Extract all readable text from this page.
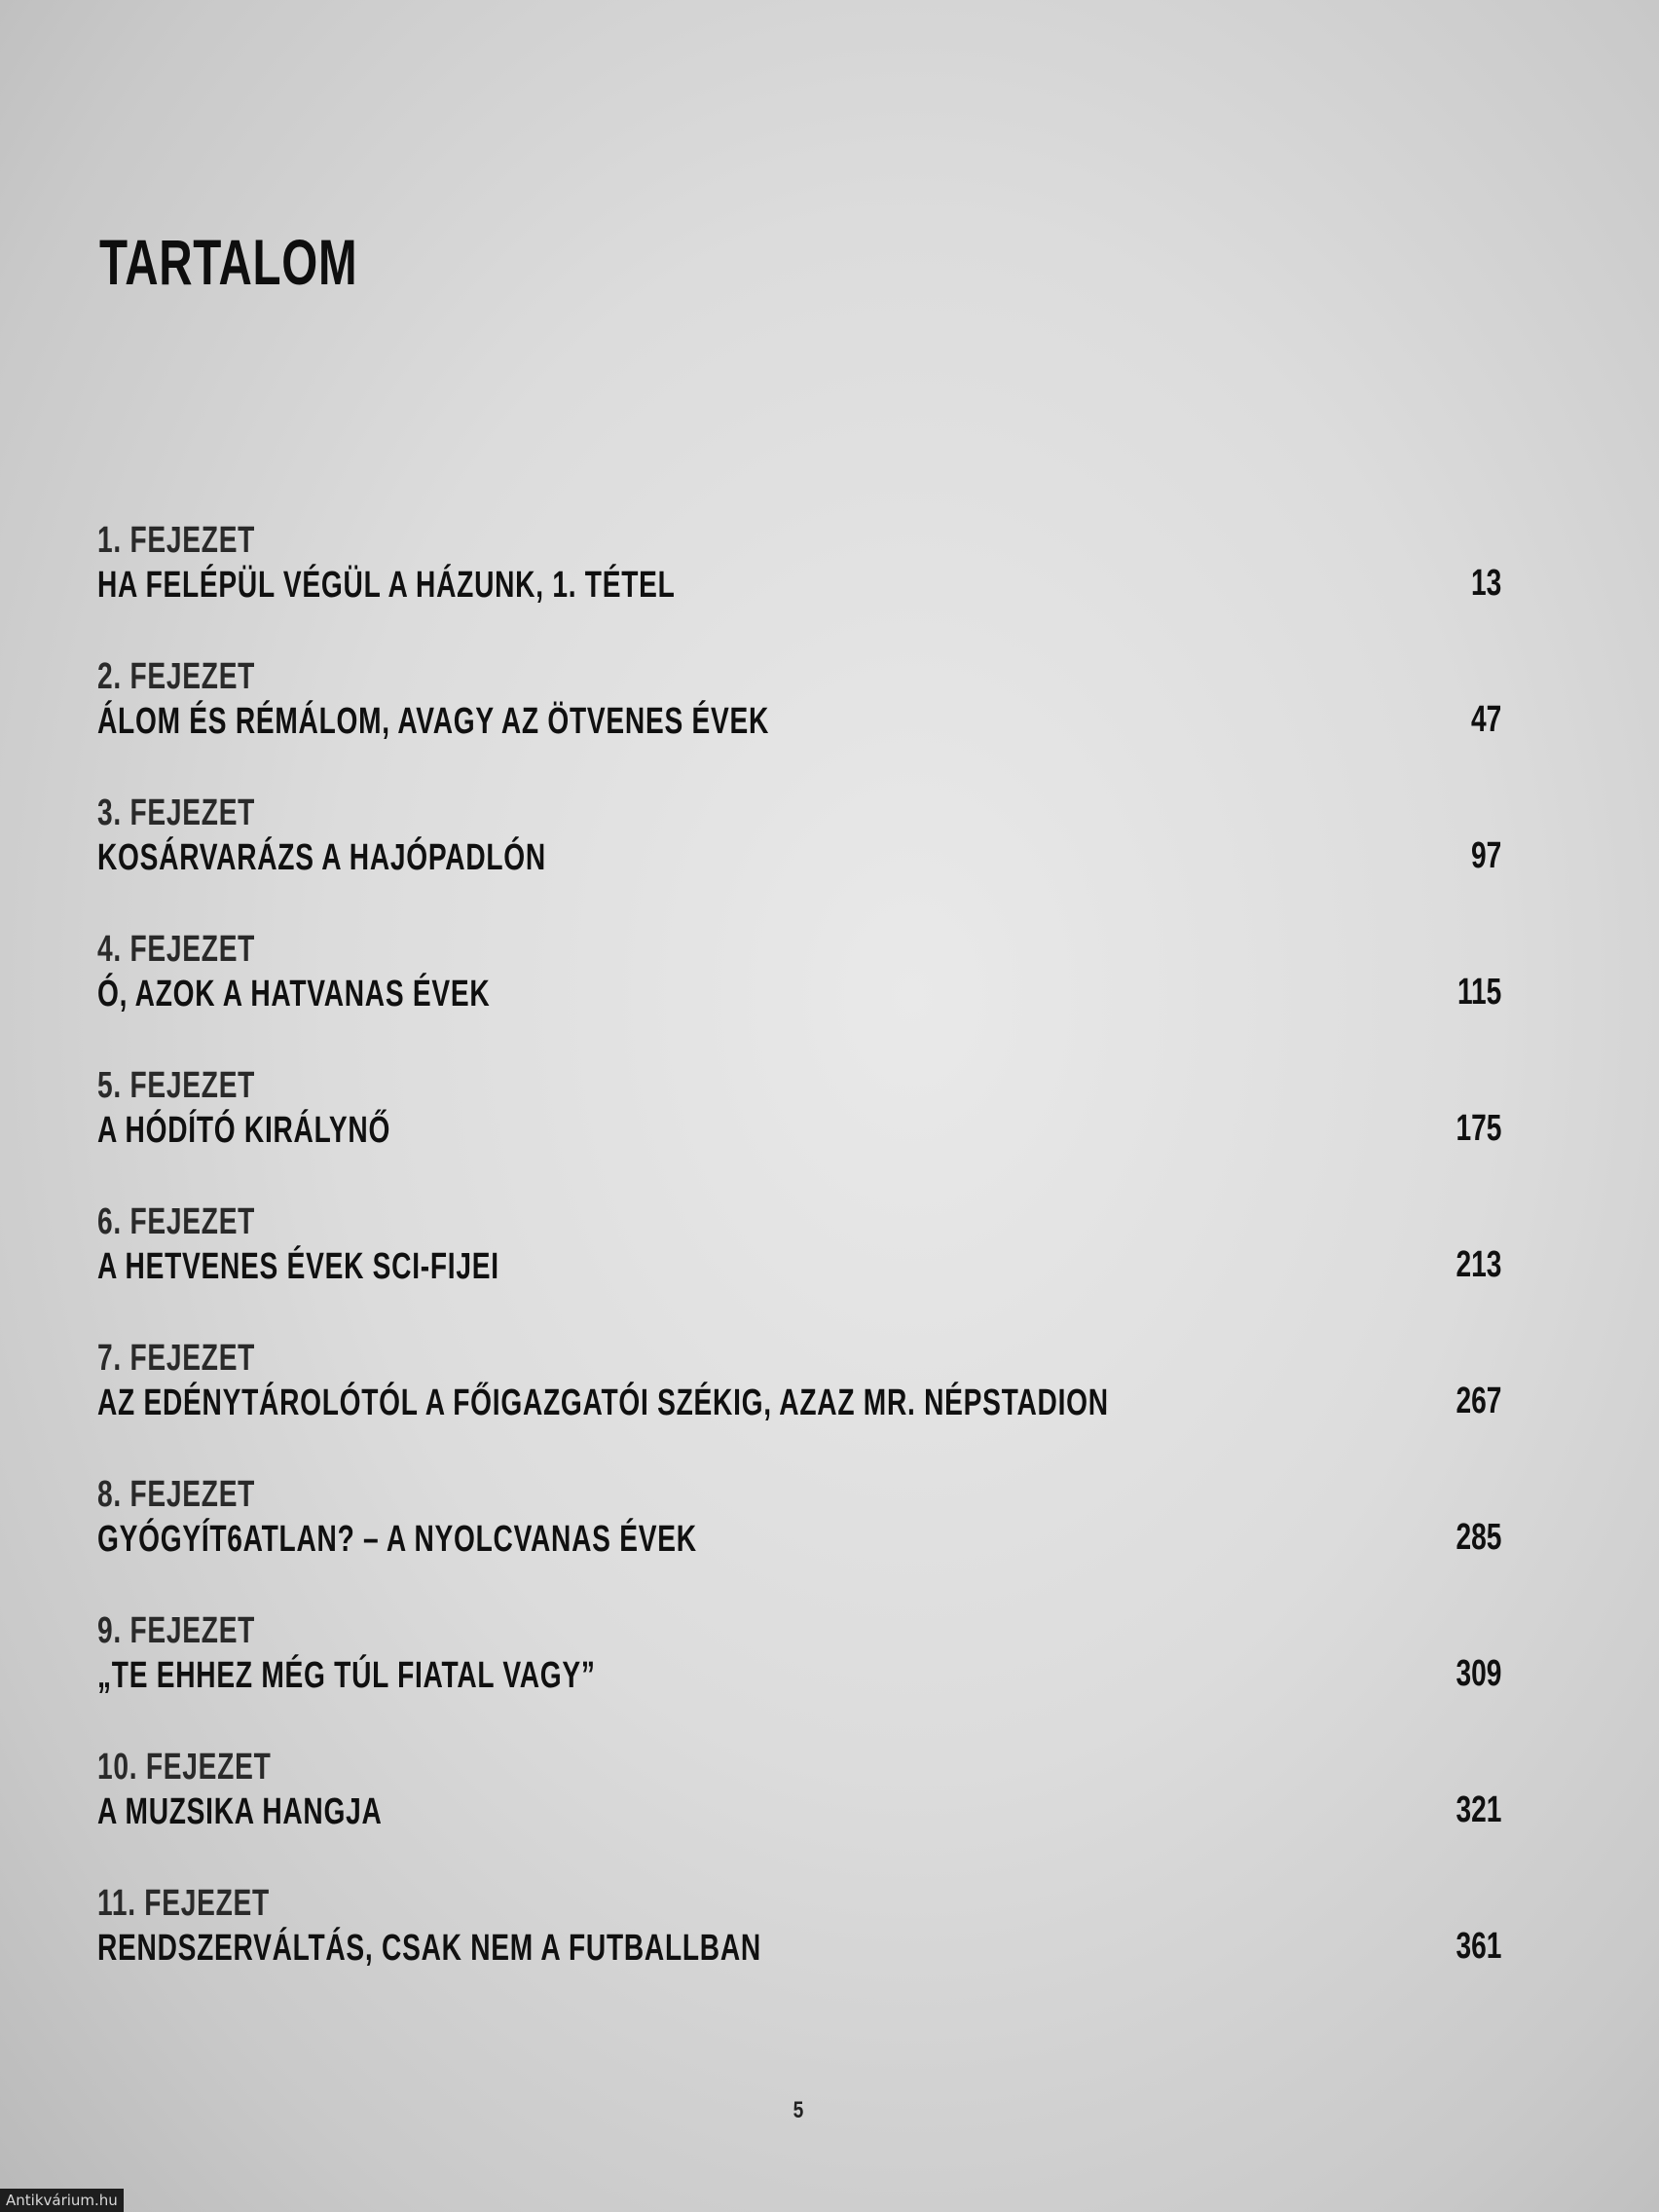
TARTALOM
1. FEJEZET
HA FELÉPÜL VÉGÜL A HÁZUNK, 1. TÉTEL	13
2. FEJEZET
ÁLOM ÉS RÉMÁLOM, AVAGY AZ ÖTVENES ÉVEK	47
3. FEJEZET
KOSÁRVARÁZS A HAJÓPADLÓN	97
4. FEJEZET
Ó, AZOK A HATVANAS ÉVEK	115
5. FEJEZET
A HÓDÍTÓ KIRÁLYNŐ	175
6. FEJEZET
A HETVENES ÉVEK SCI-FIJEI	213
7. FEJEZET
AZ EDÉNYTÁROLÓTÓL A FŐIGAZGATÓI SZÉKIG, AZAZ MR. NÉPSTADION	267
8. FEJEZET
GYÓGYÍT6ATLAN? – A NYOLCVANAS ÉVEK	285
9. FEJEZET
„TE EHHEZ MÉG TÚL FIATAL VAGY”	309
10. FEJEZET
A MUZSIKA HANGJA	321
11. FEJEZET
RENDSZERVÁLTÁS, CSAK NEM A FUTBALLBAN	361
5
Antikvárium.hu
